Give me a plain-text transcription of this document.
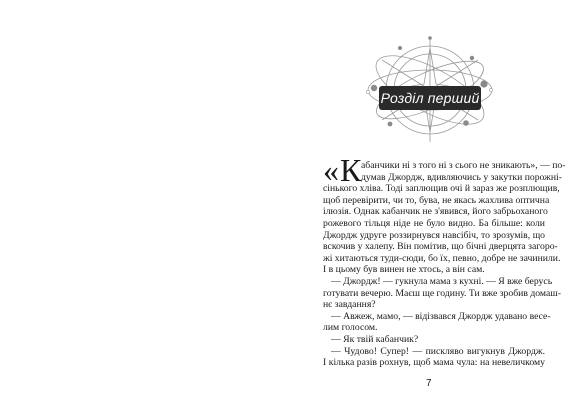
Розділ перший
« К абанчики ні з того ні з сього не зникають», — по-
думав Джордж, вдивляючись у закутки порожні-
сінького хліва. Тоді заплющив очі й зараз же розплющив,
щоб перевірити, чи то, бува, не якась жахлива оптична
ілюзія. Однак кабанчик не з'явився, його забрьоханого
рожевого тільця ніде не було видно. Ба більше: коли
Джордж удруге роззирнувся навсібіч, то зрозумів, що
вскочив у халепу. Він помітив, що бічні дверцята загоро-
жі хитаються туди-сюди, бо їх, певно, добре не зачинили.
І в цьому був винен не хтось, а він сам.
— Джордж! — гукнула мама з кухні. — Я вже берусь
готувати вечерю. Маєш ще годину. Ти вже зробив домаш-
нє завдання?
— Авжеж, мамо, — відізвався Джордж удавано весе-
лим голосом.
— Як твій кабанчик?
— Чудово! Супер! — пискляво вигукнув Джордж.
І кілька разів рохнув, щоб мама чула: на невеличкому
7
